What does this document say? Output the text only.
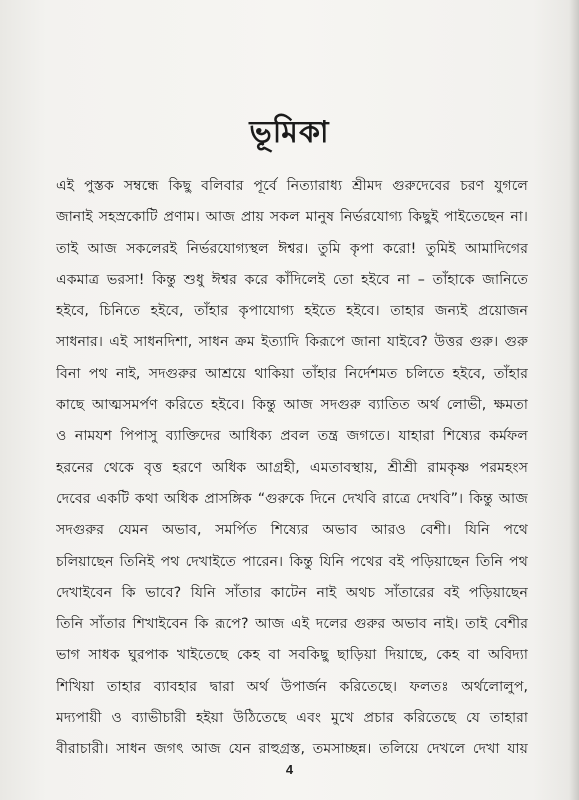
ভূমিকা
এই পুস্তক সম্বন্ধে কিছু বলিবার পূর্বে নিত্যারাধ্য শ্রীমদ গুরুদেবের চরণ যুগলে
জানাই সহস্রকোটি প্রণাম। আজ প্রায় সকল মানুষ নির্ভরযোগ্য কিছুই পাইতেছেন না।
তাই আজ সকলেরই নির্ভরযোগ্যস্থল ঈশ্বর। তুমি কৃপা করো! তুমিই আমাদিগের
একমাত্র ভরসা! কিন্তু শুধু ঈশ্বর করে কাঁদিলেই তো হইবে না – তাঁহাকে জানিতে
হইবে, চিনিতে হইবে, তাঁহার কৃপাযোগ্য হইতে হইবে। তাহার জন্যই প্রয়োজন
সাধনার। এই সাধনদিশা, সাধন ক্রম ইত্যাদি কিরূপে জানা যাইবে? উত্তর গুরু। গুরু
বিনা পথ নাই, সদগুরুর আশ্রয়ে থাকিয়া তাঁহার নির্দেশমত চলিতে হইবে, তাঁহার
কাছে আত্মসমর্পণ করিতে হইবে। কিন্তু আজ সদগুরু ব্যাতিত অর্থ লোভী, ক্ষমতা
ও নামযশ পিপাসু ব্যাক্তিদের আধিক্য প্রবল তন্ত্র জগতে। যাহারা শিষ্যের কর্মফল
হরনের থেকে বৃত্ত হরণে অধিক আগ্রহী, এমতাবস্থায়, শ্রীশ্রী রামকৃষ্ণ পরমহংস
দেবের একটি কথা অধিক প্রাসঙ্গিক “গুরুকে দিনে দেখবি রাত্রে দেখবি”। কিন্তু আজ
সদগুরুর যেমন অভাব, সমর্পিত শিষ্যের অভাব আরও বেশী। যিনি পথে
চলিয়াছেন তিনিই পথ দেখাইতে পারেন। কিন্তু যিনি পথের বই পড়িয়াছেন তিনি পথ
দেখাইবেন কি ভাবে? যিনি সাঁতার কাটেন নাই অথচ সাঁতারের বই পড়িয়াছেন
তিনি সাঁতার শিখাইবেন কি রূপে? আজ এই দলের গুরুর অভাব নাই। তাই বেশীর
ভাগ সাধক ঘুরপাক খাইতেছে কেহ বা সবকিছু ছাড়িয়া দিয়াছে, কেহ বা অবিদ্যা
শিখিয়া তাহার ব্যাবহার দ্বারা অর্থ উপার্জন করিতেছে। ফলতঃ অর্থলোলুপ,
মদ্যপায়ী ও ব্যাভীচারী হইয়া উঠিতেছে এবং মুখে প্রচার করিতেছে যে তাহারা
বীরাচারী। সাধন জগৎ আজ যেন রাহুগ্রস্ত, তমসাচ্ছন্ন। তলিয়ে দেখলে দেখা যায়
4
